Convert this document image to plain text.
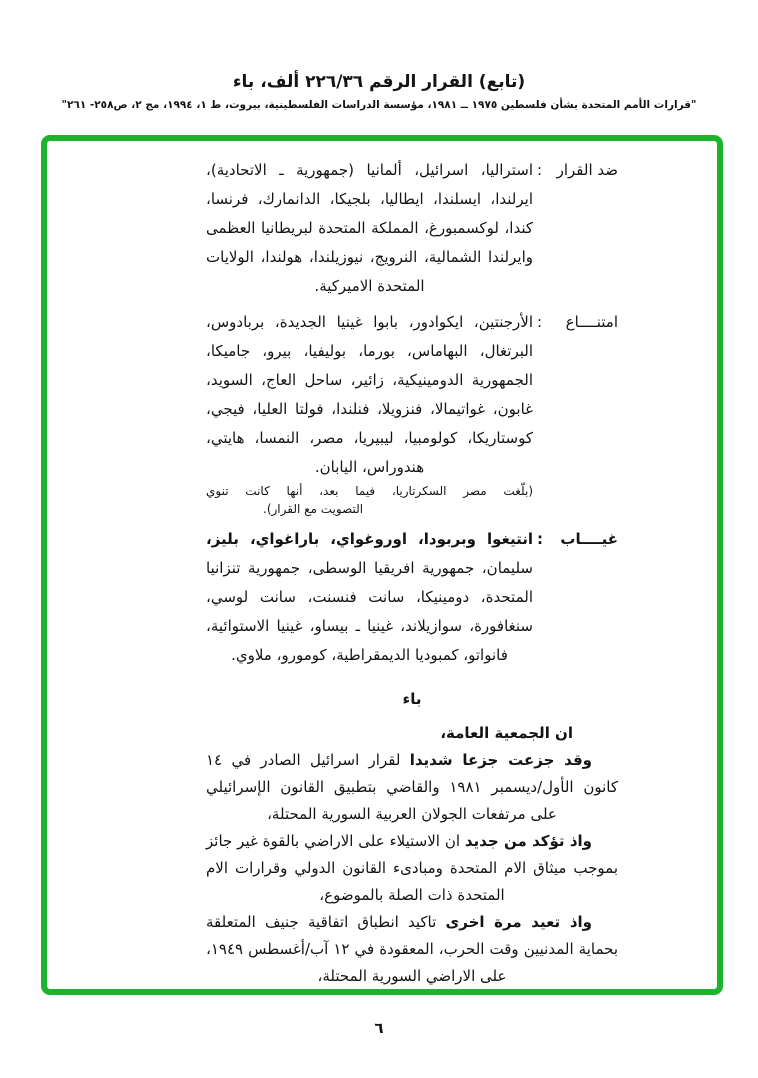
(تابع) القرار الرقم ٢٢٦/٣٦ ألف، باء
"قرارات الأمم المتحدة بشأن فلسطين ١٩٧٥ ــ ١٩٨١، مؤسسة الدراسات الفلسطينية، بيروت، ط ١، ١٩٩٤، مج ٢، ص٢٥٨- ٢٦١"
ضد القرار
:
استراليا، اسرائيل، ألمانيا (جمهورية ـ الاتحادية)،
ايرلندا، ايسلندا، ايطاليا، بلجيكا، الدانمارك، فرنسا،
كندا، لوكسمبورغ، المملكة المتحدة لبريطانيا العظمى
وايرلندا الشمالية، النرويج، نيوزيلندا، هولندا، الولايات
المتحدة الاميركية.
امتنــــاع
:
الأرجنتين، ايكوادور، بابوا غينيا الجديدة، بربادوس،
البرتغال، البهاماس، بورما، بوليفيا، بيرو، جاميكا،
الجمهورية الدومينيكية، زائير، ساحل العاج، السويد،
غابون، غواتيمالا، فنزويلا، فنلندا، فولتا العليا، فيجي،
كوستاريكا، كولومبيا، ليبيريا، مصر، النمسا، هايتي،
هندوراس، اليابان.
(بلّغت مصر السكرتاريا، فيما بعد، أنها كانت تنوي
التصويت مع القرار).
غيــــاب
:
انتيغوا وبربودا، اوروغواي، باراغواي، بليز،
سليمان، جمهورية افريقيا الوسطى، جمهورية تنزانيا
المتحدة، دومينيكا، سانت فنسنت، سانت لوسي،
سنغافورة، سوازيلاند، غينيا ـ بيساو، غينيا الاستوائية،
فانواتو، كمبوديا الديمقراطية، كومورو، ملاوي.
باء
ان الجمعية العامة،
وقد جزعت جزعا شديدا لقرار اسرائيل الصادر في ١٤ كانون الأول/ديسمبر ١٩٨١ والقاضي بتطبيق القانون الإسرائيلي على مرتفعات الجولان العربية السورية المحتلة،
واذ تؤكد من جديد ان الاستيلاء على الاراضي بالقوة غير جائز بموجب ميثاق الام المتحدة ومبادىء القانون الدولي وقرارات الام المتحدة ذات الصلة بالموضوع،
واذ تعيد مرة اخرى تاكيد انطباق اتفاقية جنيف المتعلقة بحماية المدنيين وقت الحرب، المعقودة في ١٢ آب/أغسطس ١٩٤٩، على الاراضي السورية المحتلة،
٦
